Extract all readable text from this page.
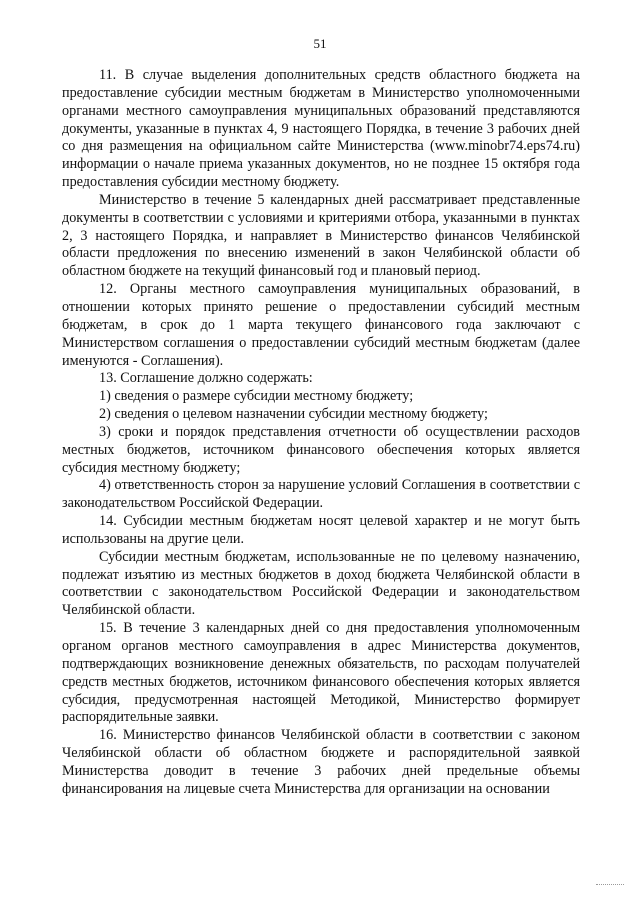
51

11. В случае выделения дополнительных средств областного бюджета на предоставление субсидии местным бюджетам в Министерство уполномоченными органами местного самоуправления муниципальных образований представляются документы, указанные в пунктах 4, 9 настоящего Порядка, в течение 3 рабочих дней со дня размещения на официальном сайте Министерства (www.minobr74.eps74.ru) информации о начале приема указанных документов, но не позднее 15 октября года предоставления субсидии местному бюджету.

Министерство в течение 5 календарных дней рассматривает представленные документы в соответствии с условиями и критериями отбора, указанными в пунктах 2, 3 настоящего Порядка, и направляет в Министерство финансов Челябинской области предложения по внесению изменений в закон Челябинской области об областном бюджете на текущий финансовый год и плановый период.

12. Органы местного самоуправления муниципальных образований, в отношении которых принято решение о предоставлении субсидий местным бюджетам, в срок до 1 марта текущего финансового года заключают с Министерством соглашения о предоставлении субсидий местным бюджетам (далее именуются - Соглашения).

13. Соглашение должно содержать:

1) сведения о размере субсидии местному бюджету;

2) сведения о целевом назначении субсидии местному бюджету;

3) сроки и порядок представления отчетности об осуществлении расходов местных бюджетов, источником финансового обеспечения которых является субсидия местному бюджету;

4) ответственность сторон за нарушение условий Соглашения в соответствии с законодательством Российской Федерации.

14. Субсидии местным бюджетам носят целевой характер и не могут быть использованы на другие цели.

Субсидии местным бюджетам, использованные не по целевому назначению, подлежат изъятию из местных бюджетов в доход бюджета Челябинской области в соответствии с законодательством Российской Федерации и законодательством Челябинской области.

15. В течение 3 календарных дней со дня предоставления уполномоченным органом органов местного самоуправления в адрес Министерства документов, подтверждающих возникновение денежных обязательств, по расходам получателей средств местных бюджетов, источником финансового обеспечения которых является субсидия, предусмотренная настоящей Методикой, Министерство формирует распорядительные заявки.

16. Министерство финансов Челябинской области в соответствии с законом Челябинской области об областном бюджете и распорядительной заявкой Министерства доводит в течение 3 рабочих дней предельные объемы финансирования на лицевые счета Министерства для организации на основании
